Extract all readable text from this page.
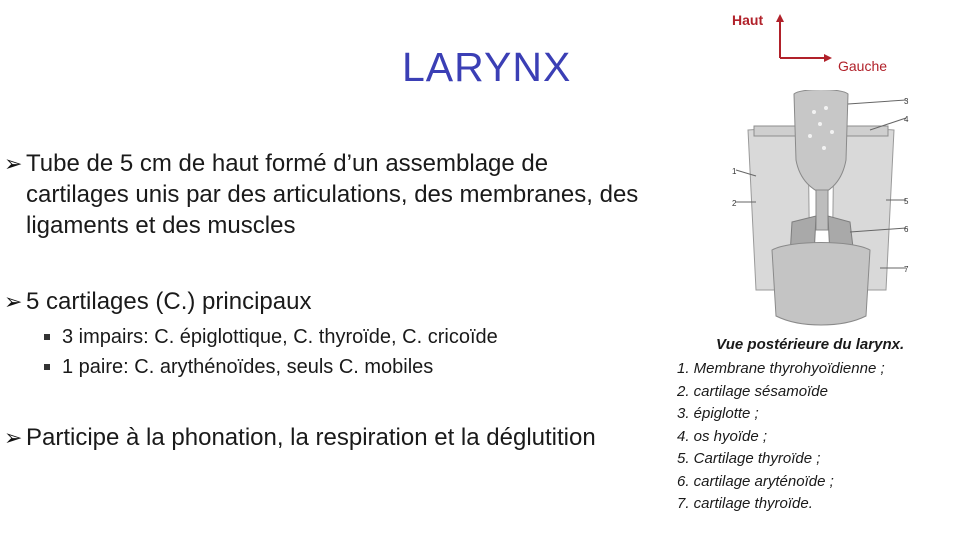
LARYNX
Haut
Gauche
➢ Tube de 5 cm de haut formé d’un assemblage de cartilages unis par des articulations, des membranes, des ligaments et des muscles
➢ 5 cartilages (C.) principaux
3 impairs: C. épiglottique, C. thyroïde, C. cricoïde
1 paire: C. arythénoïdes, seuls C. mobiles
➢ Participe à la phonation, la respiration et la déglutition
1
2
3
4
5
6
7
Vue postérieure du larynx.
1. Membrane thyrohyoïdienne ;
2. cartilage sésamoïde
3. épiglotte ;
4. os hyoïde ;
5. Cartilage thyroïde ;
6. cartilage aryténoïde ;
7. cartilage thyroïde.
